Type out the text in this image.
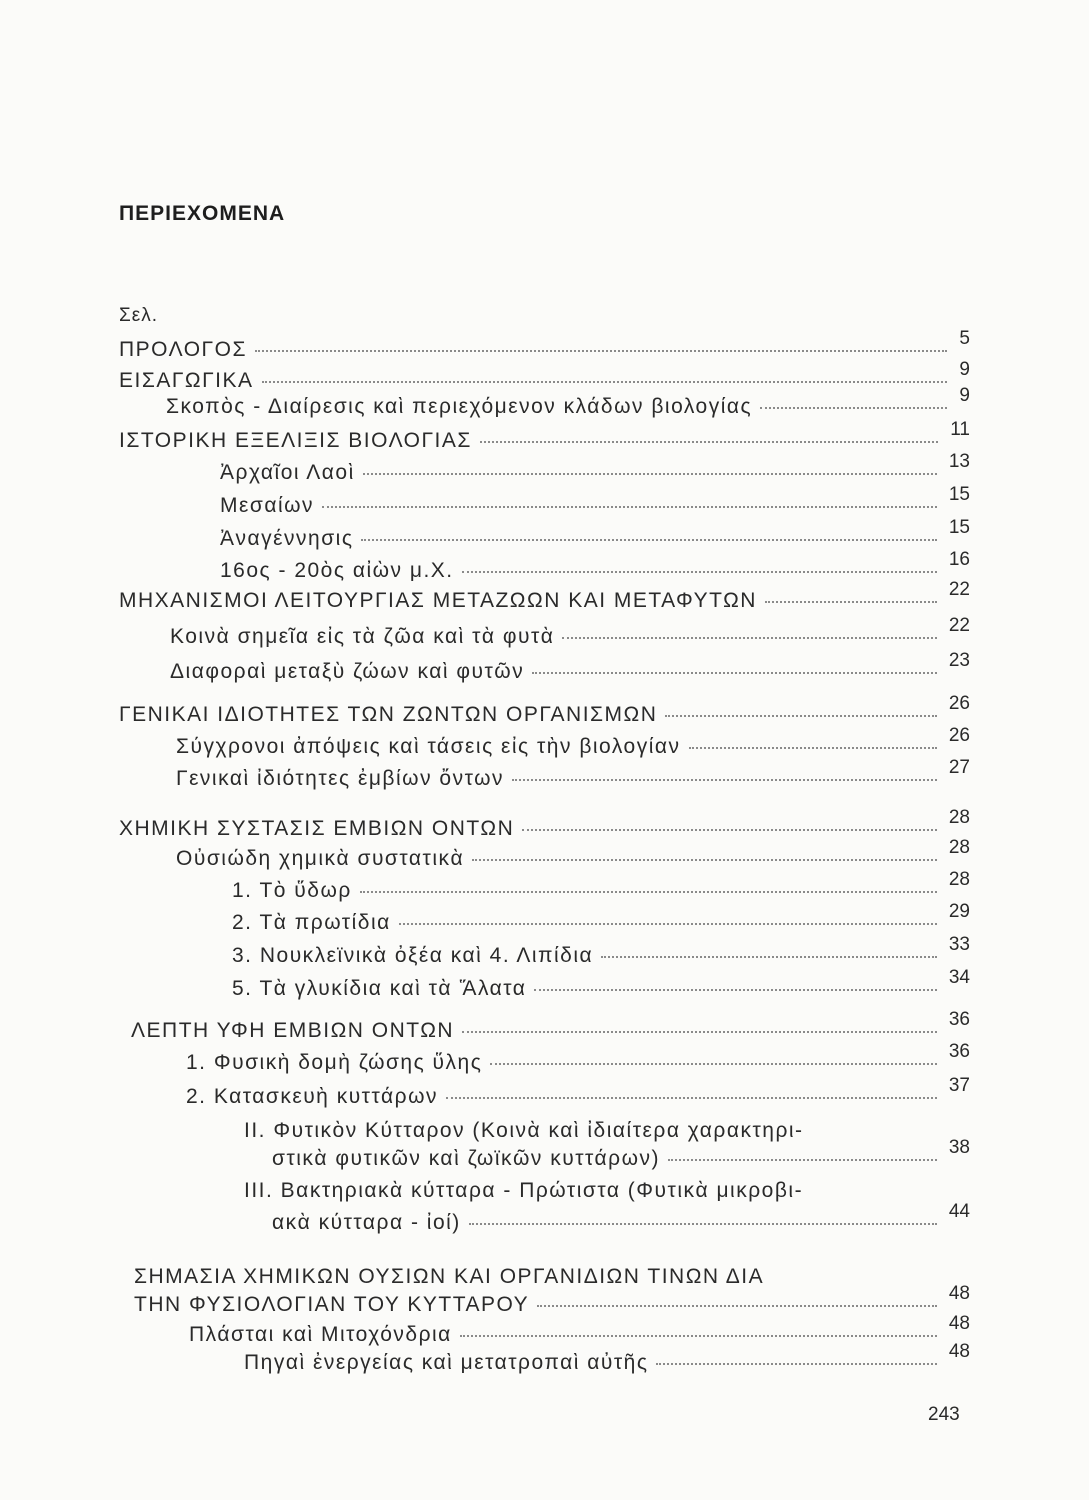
ΠΕΡΙΕΧΟΜΕΝΑ
Σελ.
ΠΡΟΛΟΓΟΣ	5
ΕΙΣΑΓΩΓΙΚΑ	9
Σκοπὸς - Διαίρεσις καὶ περιεχόμενον κλάδων βιολογίας	9
ΙΣΤΟΡΙΚΗ ΕΞΕΛΙΞΙΣ ΒΙΟΛΟΓΙΑΣ	11
Ἀρχαῖοι Λαοὶ	13
Μεσαίων	15
Ἀναγέννησις	15
16ος - 20ὸς αἰὼν μ.Χ.	16
ΜΗΧΑΝΙΣΜΟΙ ΛΕΙΤΟΥΡΓΙΑΣ ΜΕΤΑΖΩΩΝ ΚΑΙ ΜΕΤΑΦΥΤΩΝ	22
Κοινὰ σημεῖα εἰς τὰ ζῶα καὶ τὰ φυτὰ	22
Διαφοραὶ μεταξὺ ζώων καὶ φυτῶν	23
ΓΕΝΙΚΑΙ ΙΔΙΟΤΗΤΕΣ ΤΩΝ ΖΩΝΤΩΝ ΟΡΓΑΝΙΣΜΩΝ	26
Σύγχρονοι ἀπόψεις καὶ τάσεις εἰς τὴν βιολογίαν	26
Γενικαὶ ἰδιότητες ἐμβίων ὄντων	27
ΧΗΜΙΚΗ ΣΥΣΤΑΣΙΣ ΕΜΒΙΩΝ ΟΝΤΩΝ	28
Οὐσιώδη χημικὰ συστατικὰ	28
1. Τὸ ὕδωρ	28
2. Τὰ πρωτίδια	29
3. Νουκλεϊνικὰ ὀξέα καὶ 4. Λιπίδια	33
5. Τὰ γλυκίδια καὶ τὰ Ἅλατα	34
ΛΕΠΤΗ ΥΦΗ ΕΜΒΙΩΝ ΟΝΤΩΝ	36
1. Φυσικὴ δομὴ ζώσης ὕλης	36
2. Κατασκευὴ κυττάρων	37
ΙΙ. Φυτικὸν Κύτταρον (Κοινὰ καὶ ἰδιαίτερα χαρακτηρι-
στικὰ φυτικῶν καὶ ζωϊκῶν κυττάρων)	38
ΙΙΙ. Βακτηριακὰ κύτταρα - Πρώτιστα (Φυτικὰ μικροβι-
ακὰ κύτταρα - ἰοί)	44
ΣΗΜΑΣΙΑ ΧΗΜΙΚΩΝ ΟΥΣΙΩΝ ΚΑΙ ΟΡΓΑΝΙΔΙΩΝ ΤΙΝΩΝ ΔΙΑ
ΤΗΝ ΦΥΣΙΟΛΟΓΙΑΝ ΤΟΥ ΚΥΤΤΑΡΟΥ	48
Πλάσται καὶ Μιτοχόνδρια	48
Πηγαὶ ἐνεργείας καὶ μετατροπαὶ αὐτῆς	48
243
